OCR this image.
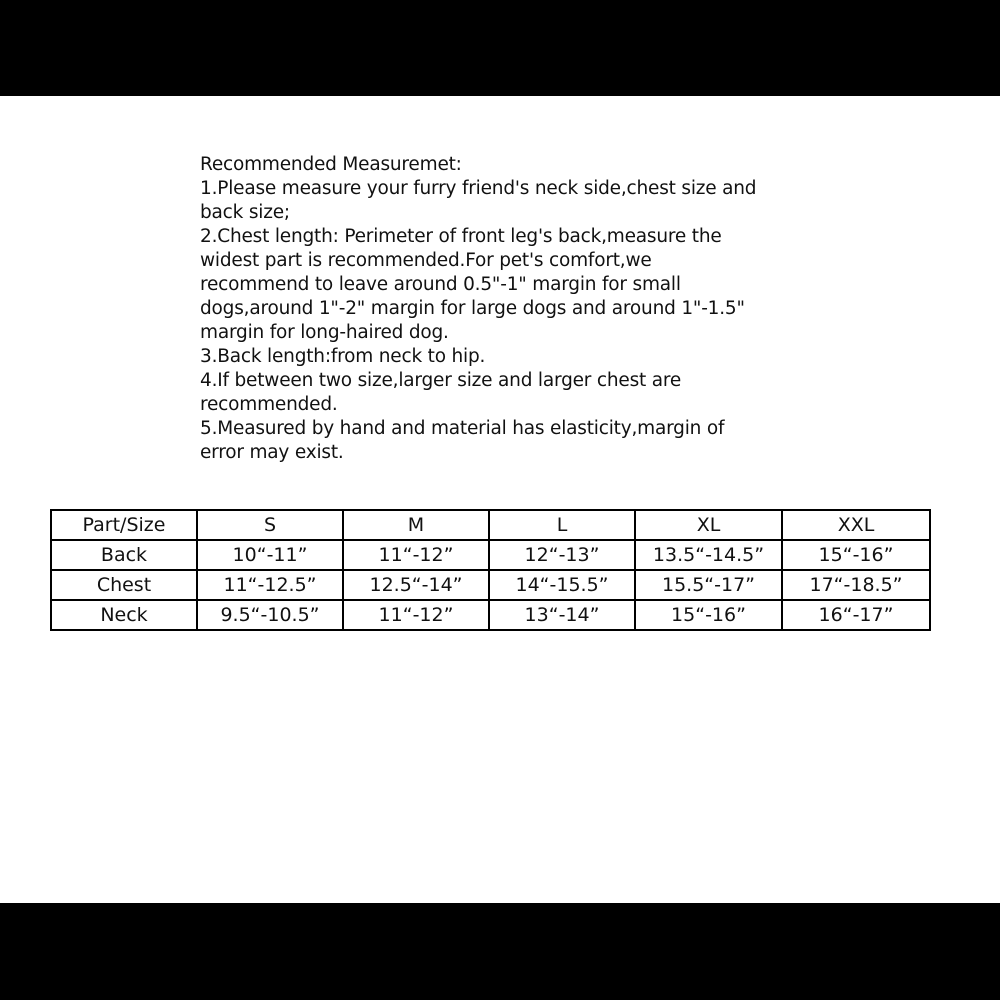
Recommended Measuremet:
1.Please measure your furry friend's neck side,chest size and
back size;
2.Chest length: Perimeter of front leg's back,measure the
widest part is recommended.For pet's comfort,we
recommend to leave around 0.5"-1" margin for small
dogs,around 1"-2" margin for large dogs and around 1"-1.5"
margin for long-haired dog.
3.Back length:from neck to hip.
4.If between two size,larger size and larger chest are
recommended.
5.Measured by hand and material has elasticity,margin of
error may exist.
Part/Size	S	M	L	XL	XXL
Back	10“-11”	11“-12”	12“-13”	13.5“-14.5”	15“-16”
Chest	11“-12.5”	12.5“-14”	14“-15.5”	15.5“-17”	17“-18.5”
Neck	9.5“-10.5”	11“-12”	13“-14”	15“-16”	16“-17”
